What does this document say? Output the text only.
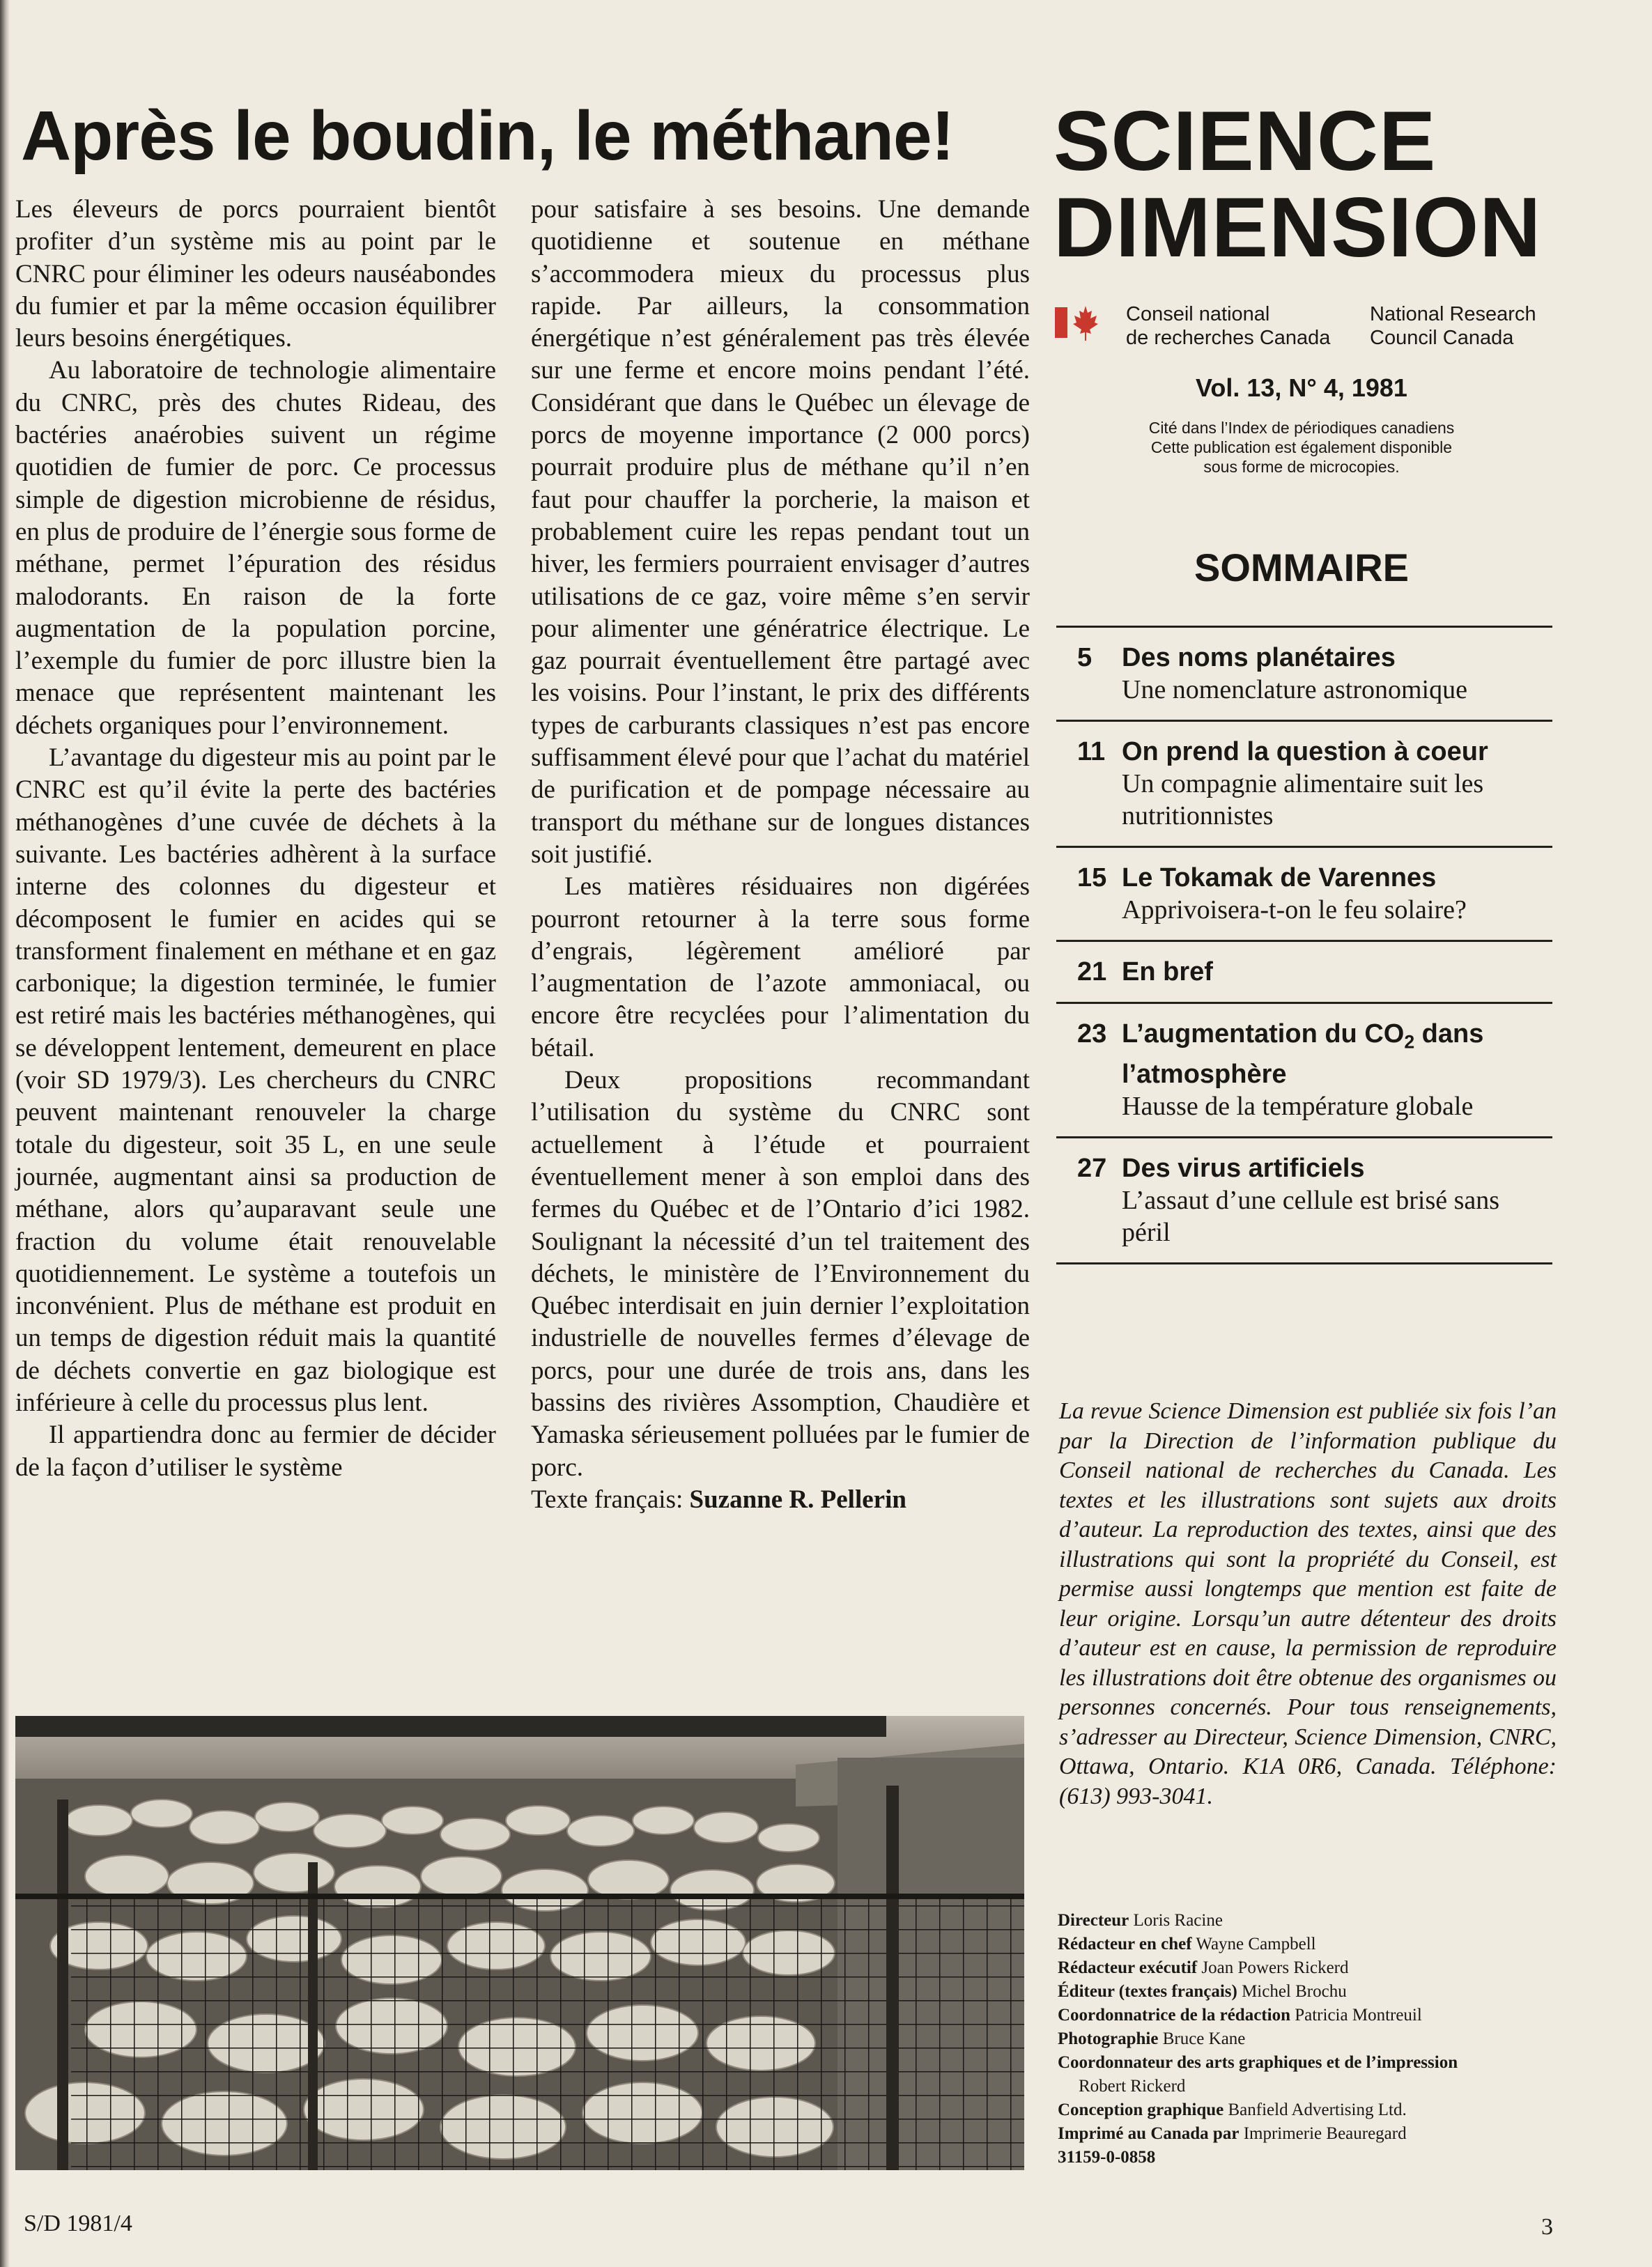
Après le boudin, le méthane!

Les éleveurs de porcs pourraient bientôt profiter d’un système mis au point par le CNRC pour éliminer les odeurs nauséabondes du fumier et par la même occasion équilibrer leurs besoins énergétiques.

Au laboratoire de technologie alimentaire du CNRC, près des chutes Rideau, des bactéries anaérobies suivent un régime quotidien de fumier de porc. Ce processus simple de digestion microbienne de résidus, en plus de produire de l’énergie sous forme de méthane, permet l’épuration des résidus malodorants. En raison de la forte augmentation de la population porcine, l’exemple du fumier de porc illustre bien la menace que représentent maintenant les déchets organiques pour l’environnement.

L’avantage du digesteur mis au point par le CNRC est qu’il évite la perte des bactéries méthanogènes d’une cuvée de déchets à la suivante. Les bactéries adhèrent à la surface interne des colonnes du digesteur et décomposent le fumier en acides qui se transforment finalement en méthane et en gaz carbonique; la digestion terminée, le fumier est retiré mais les bactéries méthanogènes, qui se développent lentement, demeurent en place (voir SD 1979/3). Les chercheurs du CNRC peuvent maintenant renouveler la charge totale du digesteur, soit 35 L, en une seule journée, augmentant ainsi sa production de méthane, alors qu’auparavant seule une fraction du volume était renouvelable quotidiennement. Le système a toutefois un inconvénient. Plus de méthane est produit en un temps de digestion réduit mais la quantité de déchets convertie en gaz biologique est inférieure à celle du processus plus lent.

Il appartiendra donc au fermier de décider de la façon d’utiliser le système

pour satisfaire à ses besoins. Une demande quotidienne et soutenue en méthane s’accommodera mieux du processus plus rapide. Par ailleurs, la consommation énergétique n’est généralement pas très élevée sur une ferme et encore moins pendant l’été. Considérant que dans le Québec un élevage de porcs de moyenne importance (2 000 porcs) pourrait produire plus de méthane qu’il n’en faut pour chauffer la porcherie, la maison et probablement cuire les repas pendant tout un hiver, les fermiers pourraient envisager d’autres utilisations de ce gaz, voire même s’en servir pour alimenter une génératrice électrique. Le gaz pourrait éventuellement être partagé avec les voisins. Pour l’instant, le prix des différents types de carburants classiques n’est pas encore suffisamment élevé pour que l’achat du matériel de purification et de pompage nécessaire au transport du méthane sur de longues distances soit justifié.

Les matières résiduaires non digérées pourront retourner à la terre sous forme d’engrais, légèrement amélioré par l’augmentation de l’azote ammoniacal, ou encore être recyclées pour l’alimentation du bétail.

Deux propositions recommandant l’utilisation du système du CNRC sont actuellement à l’étude et pourraient éventuellement mener à son emploi dans des fermes du Québec et de l’Ontario d’ici 1982. Soulignant la nécessité d’un tel traitement des déchets, le ministère de l’Environnement du Québec interdisait en juin dernier l’exploitation industrielle de nouvelles fermes d’élevage de porcs, pour une durée de trois ans, dans les bassins des rivières Assomption, Chaudière et Yamaska sérieusement polluées par le fumier de porc.

Texte français: Suzanne R. Pellerin

SCIENCE
DIMENSION
Conseil national
de recherches Canada
National Research
Council Canada
Vol. 13, N° 4, 1981
Cité dans l’Index de périodiques canadiens
Cette publication est également disponible
sous forme de microcopies.
SOMMAIRE
5	Des noms planétaires
Une nomenclature astronomique
11 On prend la question à coeur
Un compagnie alimentaire suit les nutritionnistes
15 Le Tokamak de Varennes
Apprivoisera-t-on le feu solaire?
21 En bref
23 L’augmentation du $CO_2$ dans l’atmosphère
Hausse de la température globale
27 Des virus artificiels
L’assaut d’une cellule est brisé sans péril
La revue Science Dimension est publiée six fois l’an par la Direction de l’information publique du Conseil national de recherches du Canada. Les textes et les illustrations sont sujets aux droits d’auteur. La reproduction des textes, ainsi que des illustrations qui sont la propriété du Conseil, est permise aussi longtemps que mention est faite de leur origine. Lorsqu’un autre détenteur des droits d’auteur est en cause, la permission de reproduire les illustrations doit être obtenue des organismes ou personnes concernés. Pour tous renseignements, s’adresser au Directeur, Science Dimension, CNRC, Ottawa, Ontario. K1A 0R6, Canada. Téléphone: (613) 993-3041.
Directeur Loris Racine
Rédacteur en chef Wayne Campbell
Rédacteur exécutif Joan Powers Rickerd
Éditeur (textes français) Michel Brochu
Coordonnatrice de la rédaction Patricia Montreuil
Photographie Bruce Kane
Coordonnateur des arts graphiques et de l’impression
Robert Rickerd
Conception graphique Banfield Advertising Ltd.
Imprimé au Canada par Imprimerie Beauregard
31159-0-0858
S/D 1981/4	3
